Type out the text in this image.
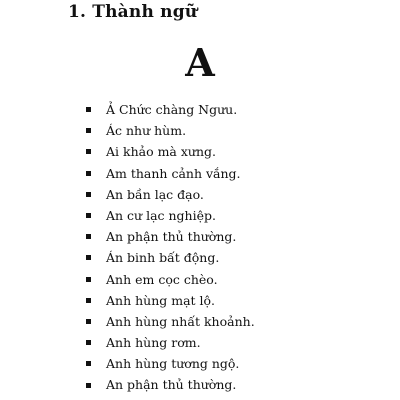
1. Thành ngữ
A
Ả Chức chàng Ngưu.
Ác như hùm.
Ai khảo mà xưng.
Am thanh cảnh vắng.
An bần lạc đạo.
An cư lạc nghiệp.
An phận thủ thường.
Án binh bất động.
Anh em cọc chèo.
Anh hùng mạt lộ.
Anh hùng nhất khoảnh.
Anh hùng rơm.
Anh hùng tương ngộ.
An phận thủ thường.
